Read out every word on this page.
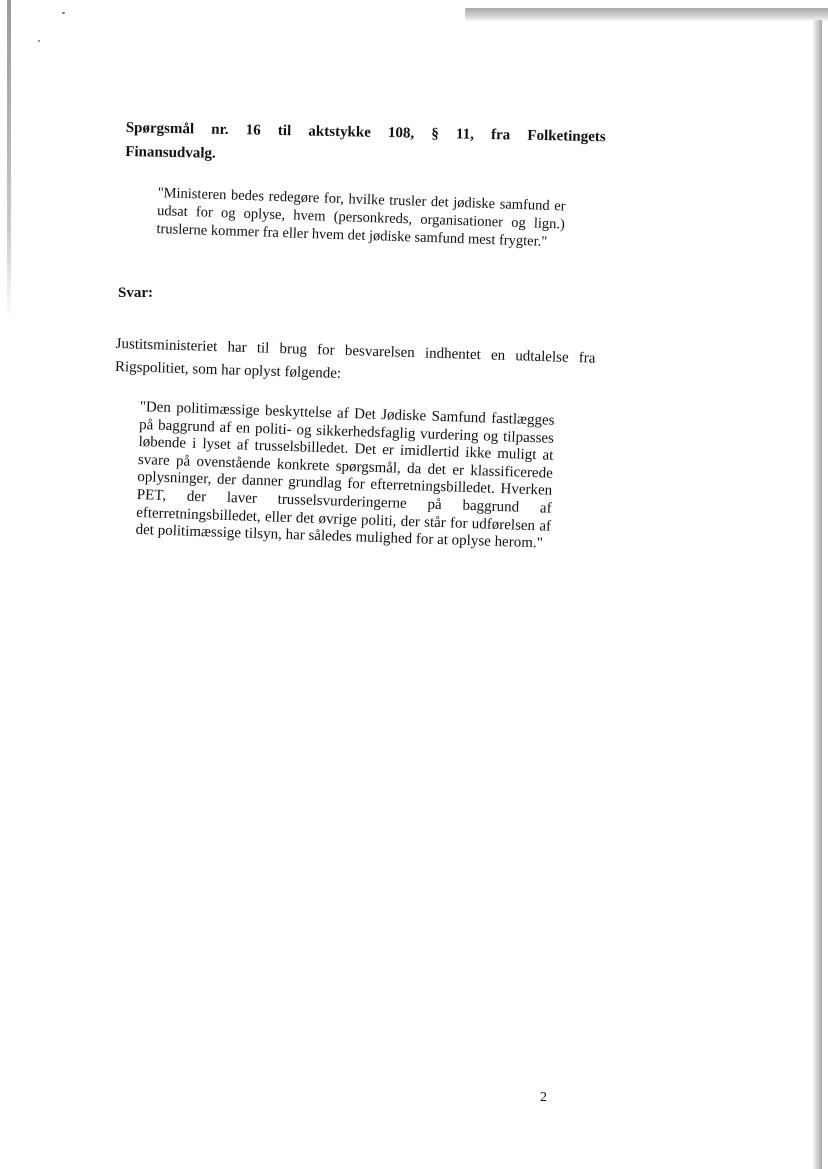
Spørgsmål nr. 16 til aktstykke 108, § 11, fra Folketingets
Finansudvalg.
"Ministeren bedes redegøre for, hvilke trusler det jødiske samfund er udsat for og oplyse, hvem (personkreds, organisationer og lign.) truslerne kommer fra eller hvem det jødiske samfund mest frygter."
Svar:
Justitsministeriet har til brug for besvarelsen indhentet en udtalelse fra Rigspolitiet, som har oplyst følgende:
"Den politimæssige beskyttelse af Det Jødiske Samfund fastlægges på baggrund af en politi- og sikkerhedsfaglig vurdering og tilpasses løbende i lyset af trusselsbilledet. Det er imidlertid ikke muligt at svare på ovenstående konkrete spørgsmål, da det er klassificerede oplysninger, der danner grundlag for efterretningsbilledet. Hverken PET, der laver trusselsvurderingerne på baggrund af efterretningsbilledet, eller det øvrige politi, der står for udførelsen af det politimæssige tilsyn, har således mulighed for at oplyse herom."
2
